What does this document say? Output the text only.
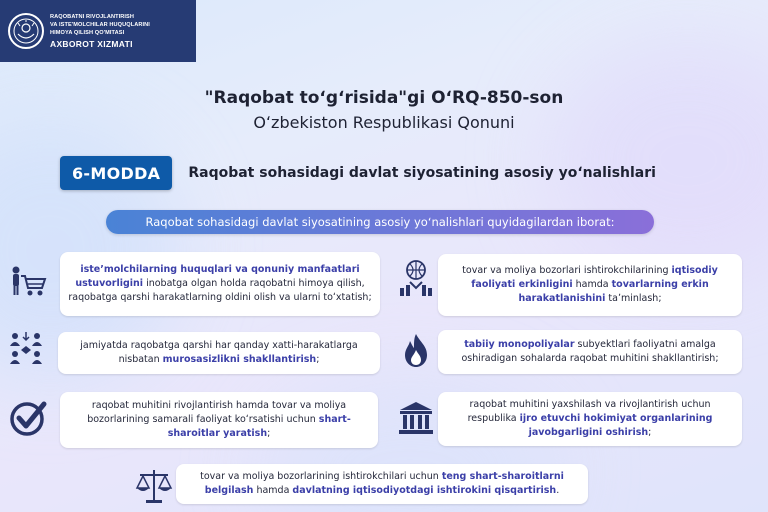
RAQOBATNI RIVOJLANTIRISH
VA ISTE'MOLCHILAR HUQUQLARINI
HIMOYA QILISH QO'MITASI
AXBOROT XIZMATI
"Raqobat toʻgʻrisida"gi OʻRQ-850-son
Oʻzbekiston Respublikasi Qonuni
6-MODDA	Raqobat sohasidagi davlat siyosatining asosiy yoʻnalishlari
Raqobat sohasidagi davlat siyosatining asosiy yoʻnalishlari quyidagilardan iborat:
isteʼmolchilarning huquqlari va qonuniy manfaatlari ustuvorligini inobatga olgan holda raqobatni himoya qilish, raqobatga qarshi harakatlarning oldini olish va ularni toʻxtatish;
tovar va moliya bozorlari ishtirokchilarining iqtisodiy faoliyati erkinligini hamda tovarlarning erkin harakatlanishini taʼminlash;
jamiyatda raqobatga qarshi har qanday xatti-harakatlarga nisbatan murosasizlikni shakllantirish;
tabiiy monopoliyalar subyektlari faoliyatni amalga oshiradigan sohalarda raqobat muhitini shakllantirish;
raqobat muhitini rivojlantirish hamda tovar va moliya bozorlarining samarali faoliyat koʻrsatishi uchun shart-sharoitlar yaratish;
raqobat muhitini yaxshilash va rivojlantirish uchun respublika ijro etuvchi hokimiyat organlarining javobgarligini oshirish;
tovar va moliya bozorlarining ishtirokchilari uchun teng shart-sharoitlarni belgilash hamda davlatning iqtisodiyotdagi ishtirokini qisqartirish.
